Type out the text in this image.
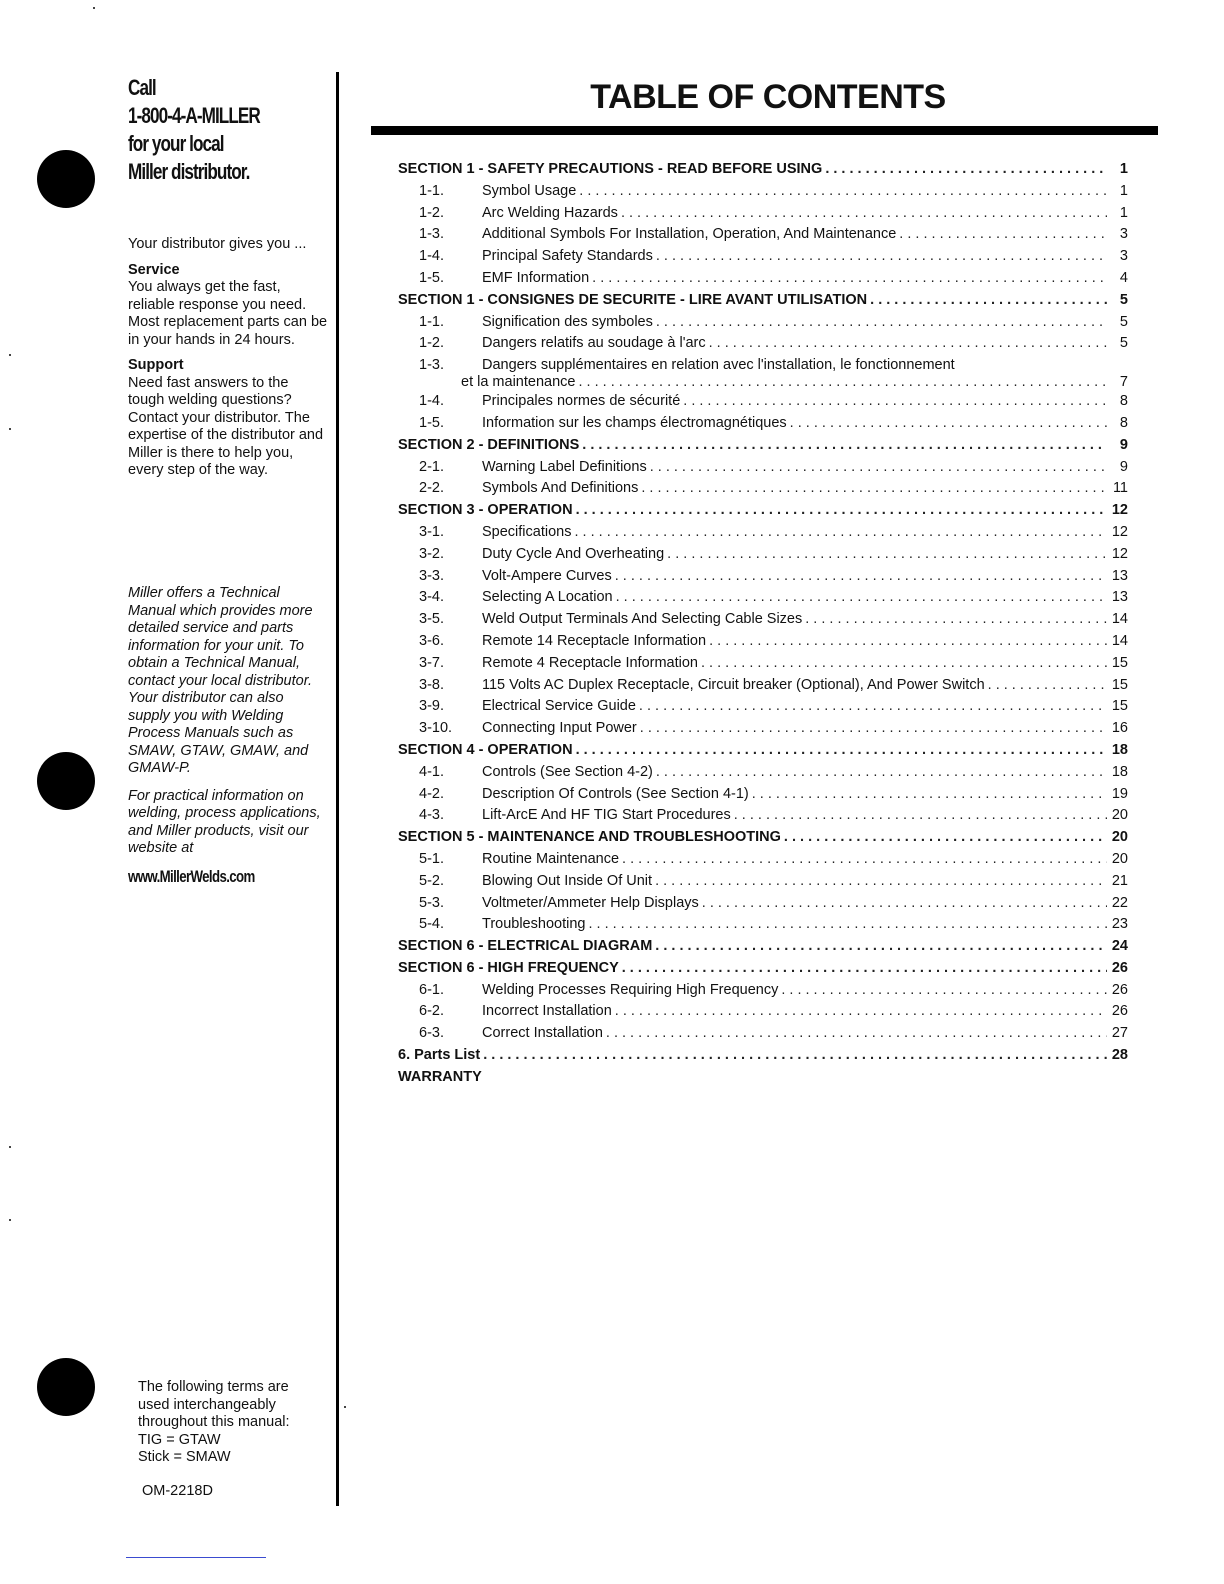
Call
1-800-4-A-MILLER
for your local
Miller distributor.

Your distributor gives you ...

Service

You always get the fast, reliable response you need. Most replacement parts can be in your hands in 24 hours.

Support

Need fast answers to the tough welding questions? Contact your distributor. The expertise of the distributor and Miller is there to help you, every step of the way.

Miller offers a Technical Manual which provides more detailed service and parts information for your unit. To obtain a Technical Manual, contact your local distributor. Your distributor can also supply you with Welding Process Manuals such as SMAW, GTAW, GMAW, and GMAW-P.

For practical information on welding, process applications, and Miller products, visit our website at

www.MillerWelds.com

The following terms are

used interchangeably

throughout this manual:

TIG = GTAW

Stick = SMAW

OM-2218D
TABLE OF CONTENTS
SECTION 1 - SAFETY PRECAUTIONS - READ BEFORE USING . . .	1
1-1.	Symbol Usage . . .	1
1-2.	Arc Welding Hazards . . .	1
1-3.	Additional Symbols For Installation, Operation, And Maintenance . . .	3
1-4.	Principal Safety Standards . . .	3
1-5.	EMF Information . . .	4
SECTION 1 - CONSIGNES DE SECURITE - LIRE AVANT UTILISATION . . .	5
1-1.	Signification des symboles . . .	5
1-2.	Dangers relatifs au soudage à l'arc . . .	5
1-3.	Dangers supplémentaires en relation avec l'installation, le fonctionnement
et la maintenance . . .	7
1-4.	Principales normes de sécurité . . .	8
1-5.	Information sur les champs électromagnétiques . . .	8
SECTION 2 - DEFINITIONS . . .	9
2-1.	Warning Label Definitions . . .	9
2-2.	Symbols And Definitions . . .	11
SECTION 3 - OPERATION . . .	12
3-1.	Specifications . . .	12
3-2.	Duty Cycle And Overheating . . .	12
3-3.	Volt-Ampere Curves . . .	13
3-4.	Selecting A Location . . .	13
3-5.	Weld Output Terminals And Selecting Cable Sizes . . .	14
3-6.	Remote 14 Receptacle Information . . .	14
3-7.	Remote 4 Receptacle Information . . .	15
3-8.	115 Volts AC Duplex Receptacle, Circuit breaker (Optional), And Power Switch . . .	15
3-9.	Electrical Service Guide . . .	15
3-10.	Connecting Input Power . . .	16
SECTION 4 - OPERATION . . .	18
4-1.	Controls (See Section 4-2) . . .	18
4-2.	Description Of Controls (See Section 4-1) . . .	19
4-3.	Lift-ArcE And HF TIG Start Procedures . . .	20
SECTION 5 - MAINTENANCE AND TROUBLESHOOTING . . .	20
5-1.	Routine Maintenance . . .	20
5-2.	Blowing Out Inside Of Unit . . .	21
5-3.	Voltmeter/Ammeter Help Displays . . .	22
5-4.	Troubleshooting . . .	23
SECTION 6 - ELECTRICAL DIAGRAM . . .	24
SECTION 6 - HIGH FREQUENCY . . .	26
6-1.	Welding Processes Requiring High Frequency . . .	26
6-2.	Incorrect Installation . . .	26
6-3.	Correct Installation . . .	27
6. Parts List . . .	28
WARRANTY
